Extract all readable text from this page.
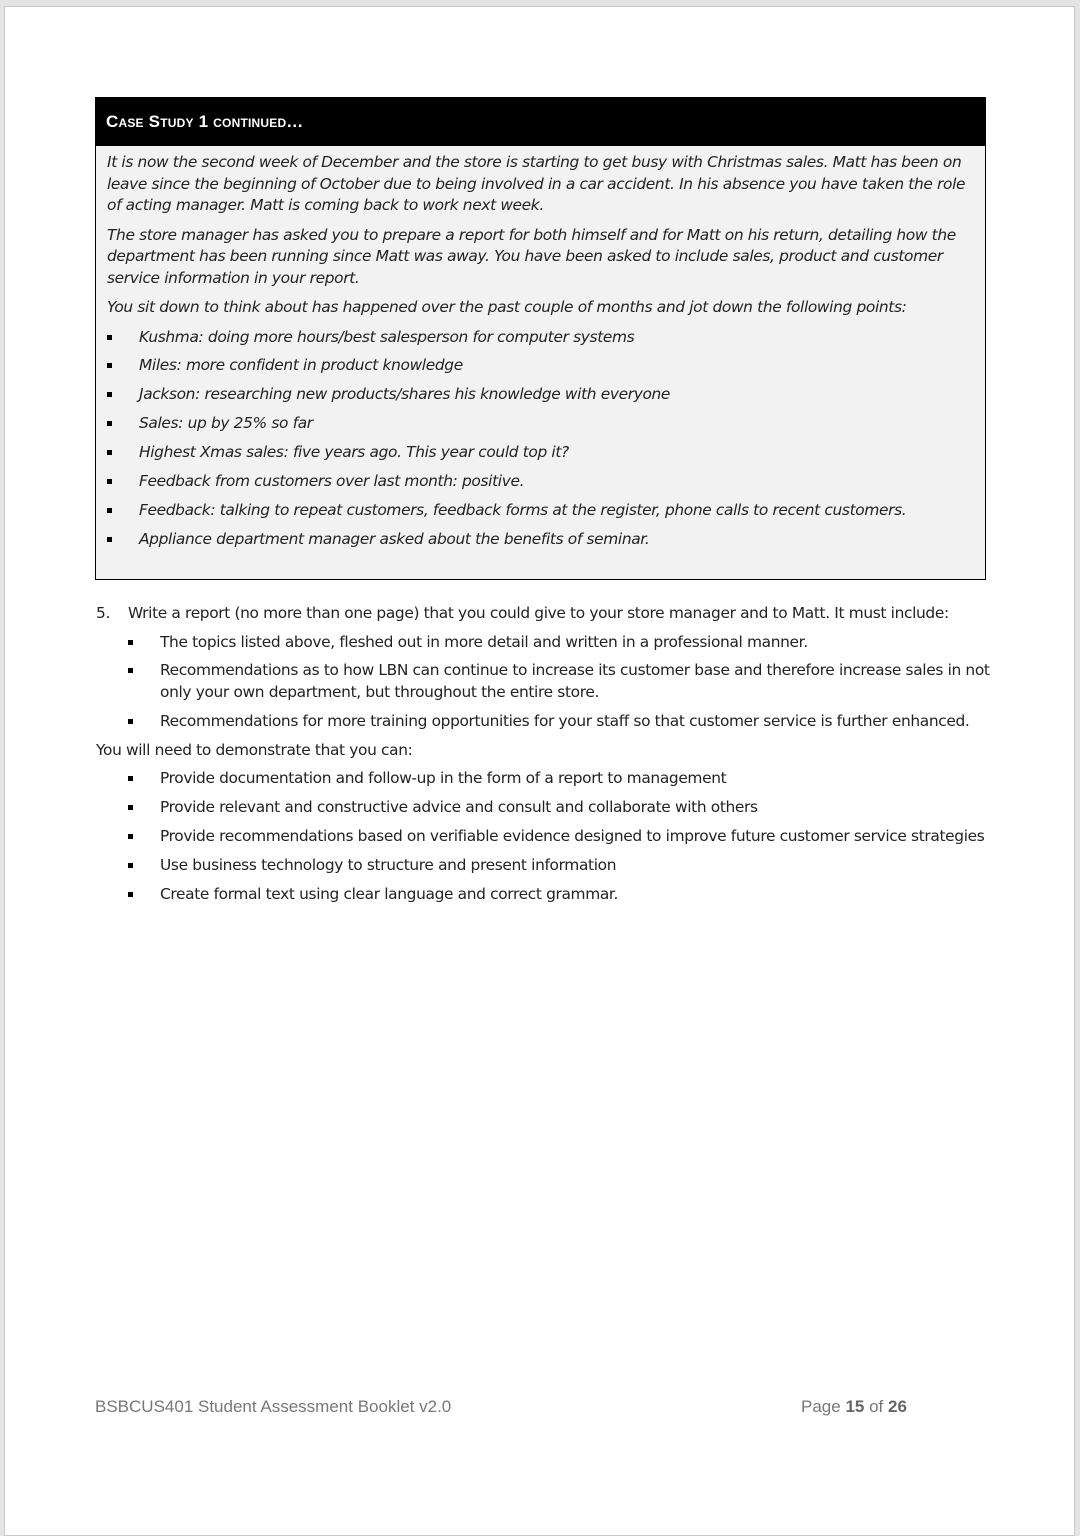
Case Study 1 continued…

It is now the second week of December and the store is starting to get busy with Christmas sales. Matt has been on leave since the beginning of October due to being involved in a car accident. In his absence you have taken the role of acting manager. Matt is coming back to work next week.

The store manager has asked you to prepare a report for both himself and for Matt on his return, detailing how the department has been running since Matt was away. You have been asked to include sales, product and customer service information in your report.

You sit down to think about has happened over the past couple of months and jot down the following points:

Kushma: doing more hours/best salesperson for computer systems
Miles: more confident in product knowledge
Jackson: researching new products/shares his knowledge with everyone
Sales: up by 25% so far
Highest Xmas sales: five years ago. This year could top it?
Feedback from customers over last month: positive.
Feedback: talking to repeat customers, feedback forms at the register, phone calls to recent customers.
Appliance department manager asked about the benefits of seminar.
5. Write a report (no more than one page) that you could give to your store manager and to Matt. It must include:
The topics listed above, fleshed out in more detail and written in a professional manner.
Recommendations as to how LBN can continue to increase its customer base and therefore increase sales in not only your own department, but throughout the entire store.
Recommendations for more training opportunities for your staff so that customer service is further enhanced.

You will need to demonstrate that you can:

Provide documentation and follow-up in the form of a report to management
Provide relevant and constructive advice and consult and collaborate with others
Provide recommendations based on verifiable evidence designed to improve future customer service strategies
Use business technology to structure and present information
Create formal text using clear language and correct grammar.
BSBCUS401 Student Assessment Booklet v2.0	Page 15 of 26
